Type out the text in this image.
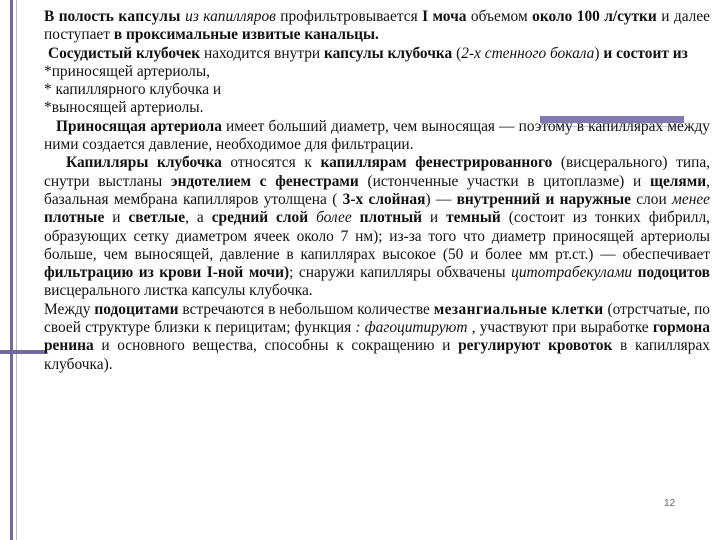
В полость капсулы из капилляров профильтровывается I моча объемом около 100 л/сутки и далее поступает в проксимальные извитые канальцы.

Сосудистый клубочек находится внутри капсулы клубочка (2-х стенного бокала) и состоит из

*приносящей артериолы,

* капиллярного клубочка и

*выносящей артериолы.

Приносящая артериола имеет больший диаметр, чем выносящая — поэтому в капиллярах между ними создается давление, необходимое для фильтрации.

Капилляры клубочка относятся к капиллярам фенестрированного (висцерального) типа, снутри выстланы эндотелием с фенестрами (истонченные участки в цитоплазме) и щелями, базальная мембрана капилляров утолщена ( 3-х слойная) — внутренний и наружные слои менее плотные и светлые, а средний слой более плотный и темный (состоит из тонких фибрилл, образующих сетку диаметром ячеек около 7 нм); из-за того что диаметр приносящей артериолы больше, чем выносящей, давление в капиллярах высокое (50 и более мм рт.ст.) — обеспечивает фильтрацию из крови I-ной мочи); снаружи капилляры обхвачены цитотрабекулами подоцитов висцерального листка капсулы клубочка.

Между подоцитами встречаются в небольшом количестве мезангиальные клетки (отрстчатые, по своей структуре близки к перицитам; функция : фагоцитируют , участвуют при выработке гормона ренина и основного вещества, способны к сокращению и регулируют кровоток в капиллярах клубочка).

12
